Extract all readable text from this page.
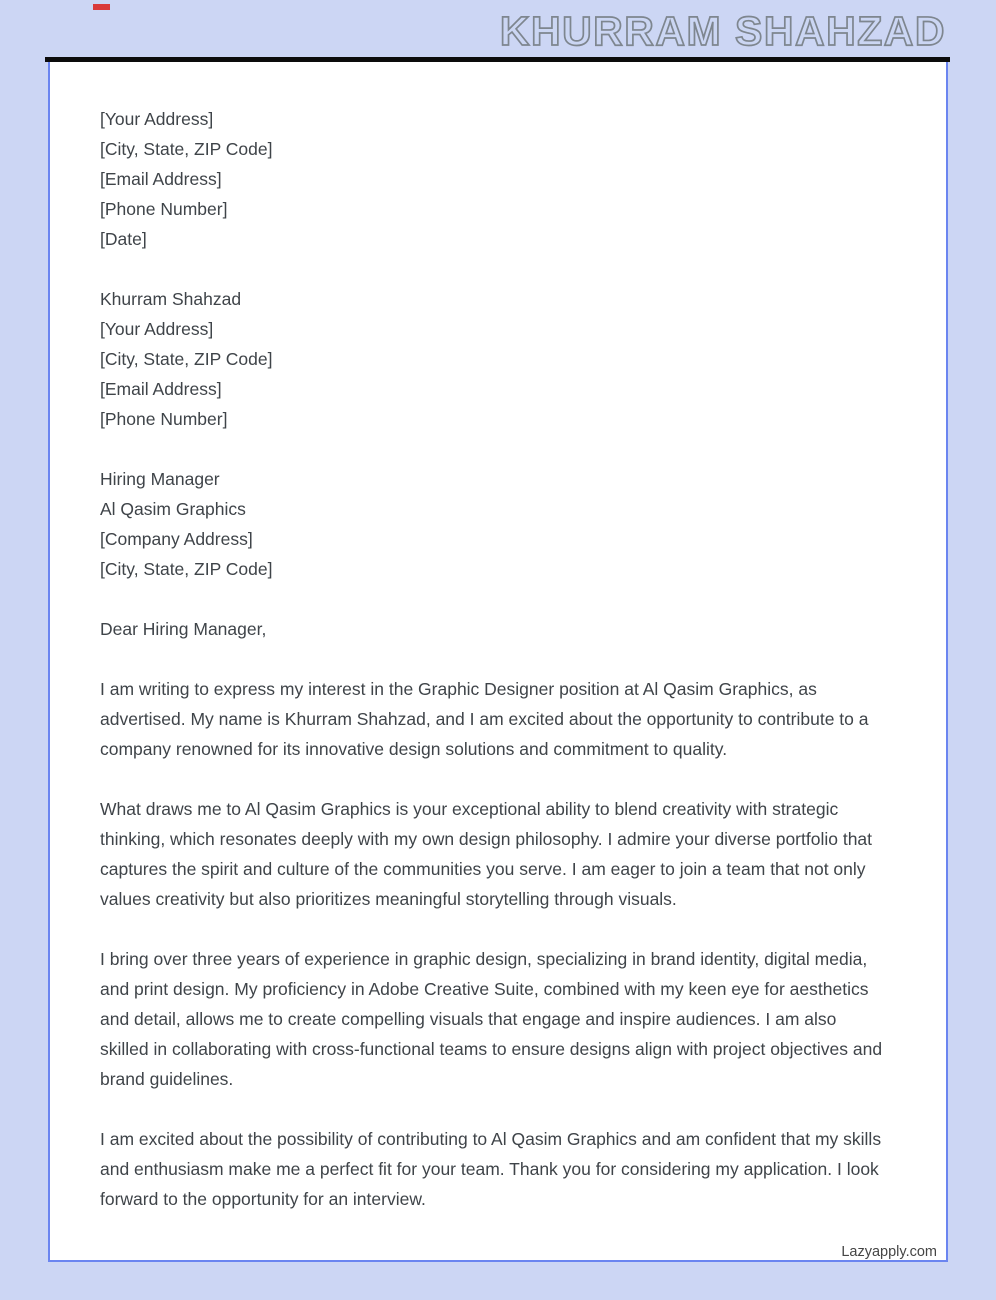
KHURRAM SHAHZAD
[Your Address]
[City, State, ZIP Code]
[Email Address]
[Phone Number]
[Date]
Khurram Shahzad
[Your Address]
[City, State, ZIP Code]
[Email Address]
[Phone Number]
Hiring Manager
Al Qasim Graphics
[Company Address]
[City, State, ZIP Code]
Dear Hiring Manager,
I am writing to express my interest in the Graphic Designer position at Al Qasim Graphics, as advertised. My name is Khurram Shahzad, and I am excited about the opportunity to contribute to a company renowned for its innovative design solutions and commitment to quality.
What draws me to Al Qasim Graphics is your exceptional ability to blend creativity with strategic thinking, which resonates deeply with my own design philosophy. I admire your diverse portfolio that captures the spirit and culture of the communities you serve. I am eager to join a team that not only values creativity but also prioritizes meaningful storytelling through visuals.
I bring over three years of experience in graphic design, specializing in brand identity, digital media, and print design. My proficiency in Adobe Creative Suite, combined with my keen eye for aesthetics and detail, allows me to create compelling visuals that engage and inspire audiences. I am also skilled in collaborating with cross-functional teams to ensure designs align with project objectives and brand guidelines.
I am excited about the possibility of contributing to Al Qasim Graphics and am confident that my skills and enthusiasm make me a perfect fit for your team. Thank you for considering my application. I look forward to the opportunity for an interview.
Lazyapply.com
